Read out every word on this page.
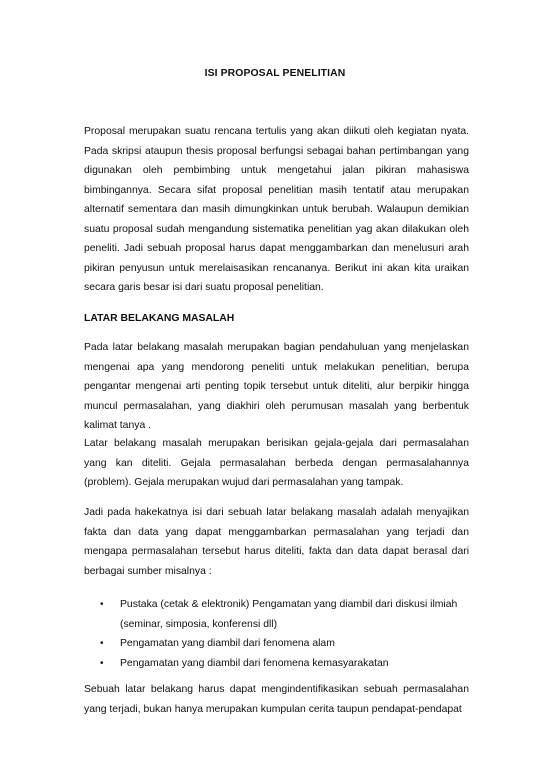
ISI PROPOSAL PENELITIAN

Proposal merupakan suatu rencana tertulis yang akan diikuti oleh kegiatan nyata. Pada skripsi ataupun thesis proposal berfungsi sebagai bahan pertimbangan yang digunakan oleh pembimbing untuk mengetahui jalan pikiran mahasiswa bimbingannya. Secara sifat proposal penelitian masih tentatif atau merupakan alternatif sementara dan masih dimungkinkan untuk berubah. Walaupun demikian suatu proposal sudah mengandung sistematika penelitian yag akan dilakukan oleh peneliti. Jadi sebuah proposal harus dapat menggambarkan dan menelusuri arah pikiran penyusun untuk merelaisasikan rencananya. Berikut ini akan kita uraikan secara garis besar isi dari suatu proposal penelitian.

LATAR BELAKANG MASALAH

Pada latar belakang masalah merupakan bagian pendahuluan yang menjelaskan mengenai apa yang mendorong peneliti untuk melakukan penelitian, berupa pengantar mengenai arti penting topik tersebut untuk diteliti, alur berpikir hingga muncul permasalahan, yang diakhiri oleh perumusan masalah yang berbentuk kalimat tanya .

Latar belakang masalah merupakan berisikan gejala-gejala dari permasalahan yang kan diteliti. Gejala permasalahan berbeda dengan permasalahannya (problem). Gejala merupakan wujud dari permasalahan yang tampak.

Jadi pada hakekatnya isi dari sebuah latar belakang masalah adalah menyajikan fakta dan data yang dapat menggambarkan permasalahan yang terjadi dan mengapa permasalahan tersebut harus diteliti, fakta dan data dapat berasal dari berbagai sumber misalnya :

• Pustaka (cetak & elektronik) Pengamatan yang diambil dari diskusi ilmiah (seminar, simposia, konferensi dll)
• Pengamatan yang diambil dari fenomena alam
• Pengamatan yang diambil dari fenomena kemasyarakatan

Sebuah latar belakang harus dapat mengindentifikasikan sebuah permasalahan yang terjadi, bukan hanya merupakan kumpulan cerita taupun pendapat-pendapat
